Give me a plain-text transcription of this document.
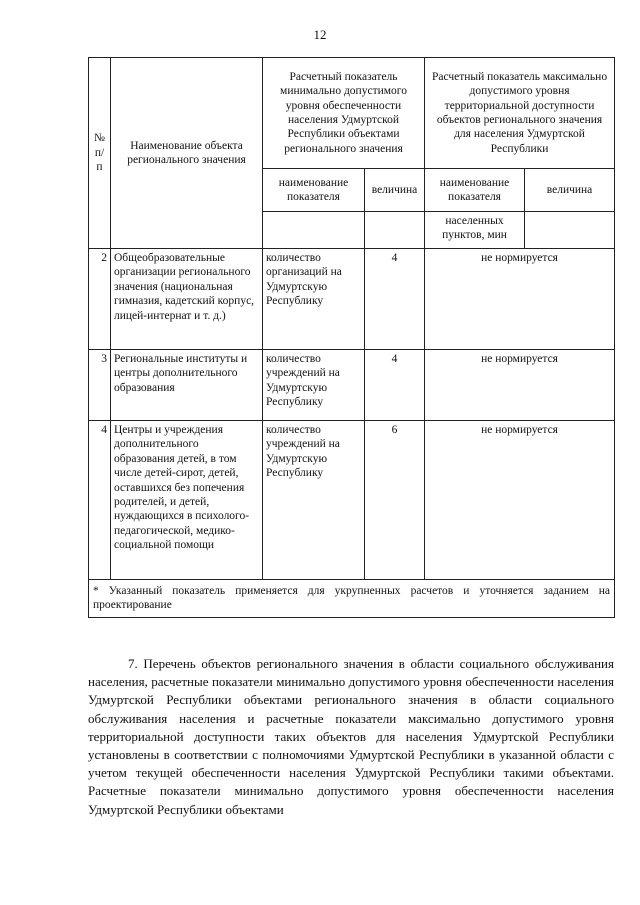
12
№ п/п	Наименование объекта регионального значения	Расчетный показатель минимально допустимого уровня обеспеченности населения Удмуртской Республики объектами регионального значения		Расчетный показатель максимально допустимого уровня территориальной доступности объектов регионального значения для населения Удмуртской Республики	
		наименование показателя	величина	наименование показателя	величина
				населенных пунктов, мин	
2	Общеобразовательные организации регионального значения (национальная гимназия, кадетский корпус, лицей-интернат и т. д.)	количество организаций на Удмуртскую Республику	4	не нормируется	
3	Региональные институты и центры дополнительного образования	количество учреждений на Удмуртскую Республику	4	не нормируется	
4	Центры и учреждения дополнительного образования детей, в том числе детей-сирот, детей, оставшихся без попечения родителей, и детей, нуждающихся в психолого-педагогической, медико-социальной помощи	количество учреждений на Удмуртскую Республику	6	не нормируется	
* Указанный показатель применяется для укрупненных расчетов и уточняется заданием на проектирование					
7. Перечень объектов регионального значения в области социального обслуживания населения, расчетные показатели минимально допустимого уровня обеспеченности населения Удмуртской Республики объектами регионального значения в области социального обслуживания населения и расчетные показатели максимально допустимого уровня территориальной доступности таких объектов для населения Удмуртской Республики установлены в соответствии с полномочиями Удмуртской Республики в указанной области с учетом текущей обеспеченности населения Удмуртской Республики такими объектами. Расчетные показатели минимально допустимого уровня обеспеченности населения Удмуртской Республики объектами
